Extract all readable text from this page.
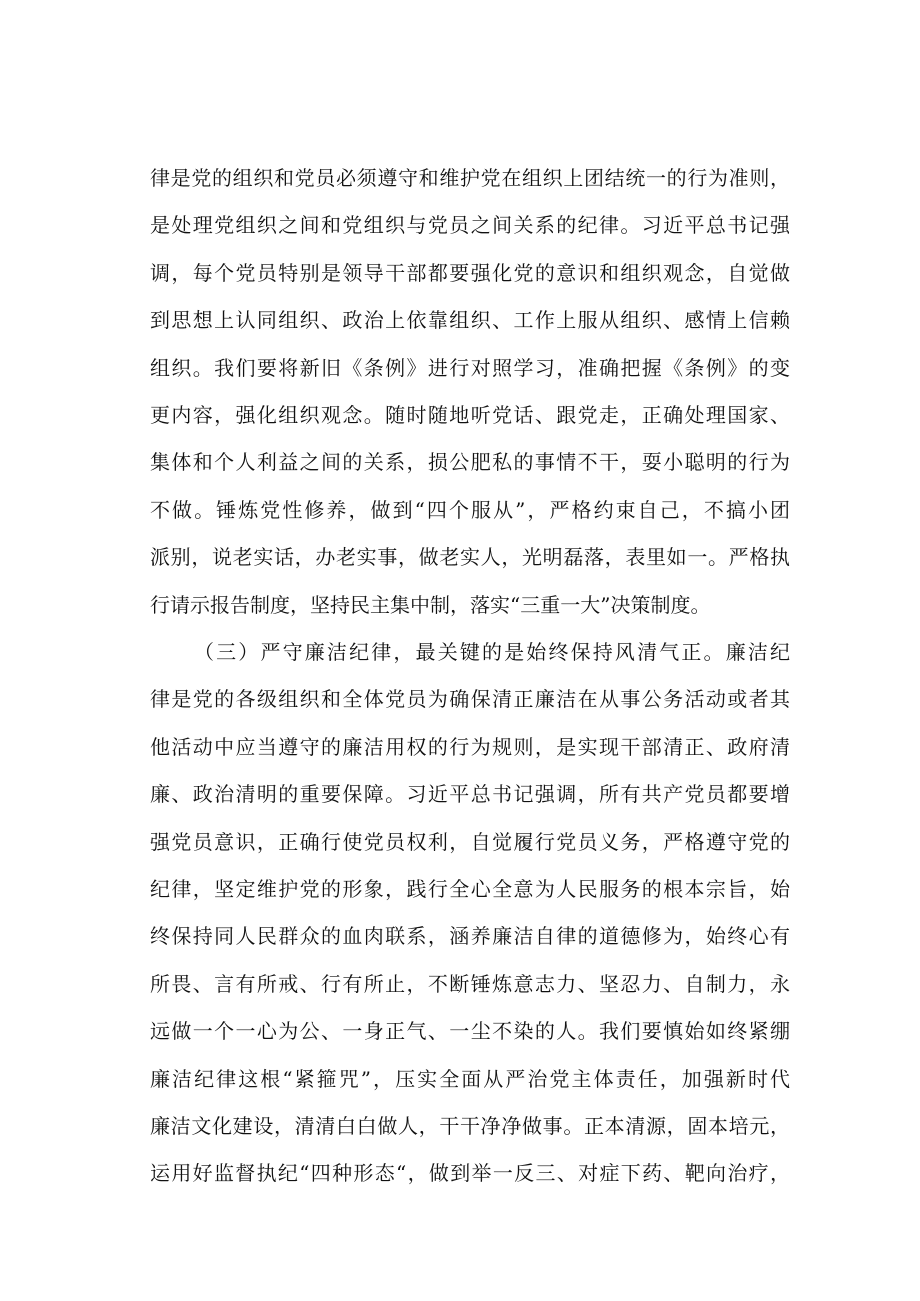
律是党的组织和党员必须遵守和维护党在组织上团结统一的行为准则，
是处理党组织之间和党组织与党员之间关系的纪律。习近平总书记强
调，每个党员特别是领导干部都要强化党的意识和组织观念，自觉做
到思想上认同组织、政治上依靠组织、工作上服从组织、感情上信赖
组织。我们要将新旧《条例》进行对照学习，准确把握《条例》的变
更内容，强化组织观念。随时随地听党话、跟党走，正确处理国家、
集体和个人利益之间的关系，损公肥私的事情不干，耍小聪明的行为
不做。锤炼党性修养，做到“四个服从”，严格约束自己，不搞小团
派别，说老实话，办老实事，做老实人，光明磊落，表里如一。严格执
行请示报告制度，坚持民主集中制，落实“三重一大”决策制度。
（三）严守廉洁纪律，最关键的是始终保持风清气正。廉洁纪
律是党的各级组织和全体党员为确保清正廉洁在从事公务活动或者其
他活动中应当遵守的廉洁用权的行为规则，是实现干部清正、政府清
廉、政治清明的重要保障。习近平总书记强调，所有共产党员都要增
强党员意识，正确行使党员权利，自觉履行党员义务，严格遵守党的
纪律，坚定维护党的形象，践行全心全意为人民服务的根本宗旨，始
终保持同人民群众的血肉联系，涵养廉洁自律的道德修为，始终心有
所畏、言有所戒、行有所止，不断锤炼意志力、坚忍力、自制力，永
远做一个一心为公、一身正气、一尘不染的人。我们要慎始如终紧绷
廉洁纪律这根“紧箍咒”，压实全面从严治党主体责任，加强新时代
廉洁文化建设，清清白白做人，干干净净做事。正本清源，固本培元，
运用好监督执纪“四种形态“，做到举一反三、对症下药、靶向治疗，
